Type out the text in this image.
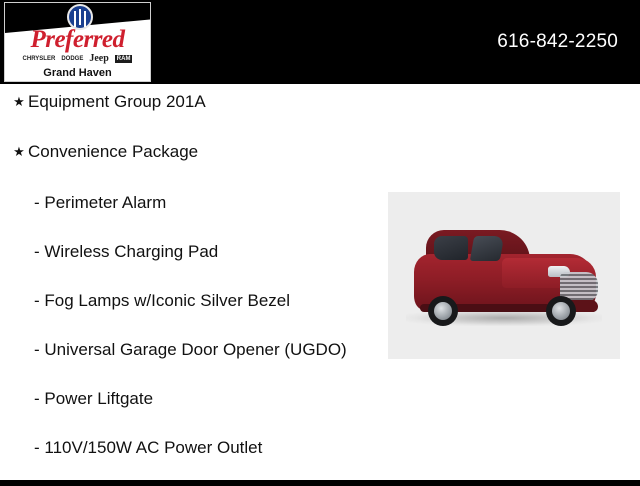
Preferred
CHRYSLER DODGE Jeep	RAM
Grand Haven
616-842-2250
★ Equipment Group 201A
★ Convenience Package
- Perimeter Alarm
- Wireless Charging Pad
- Fog Lamps w/Iconic Silver Bezel
- Universal Garage Door Opener (UGDO)
- Power Liftgate
- 110V/150W AC Power Outlet
